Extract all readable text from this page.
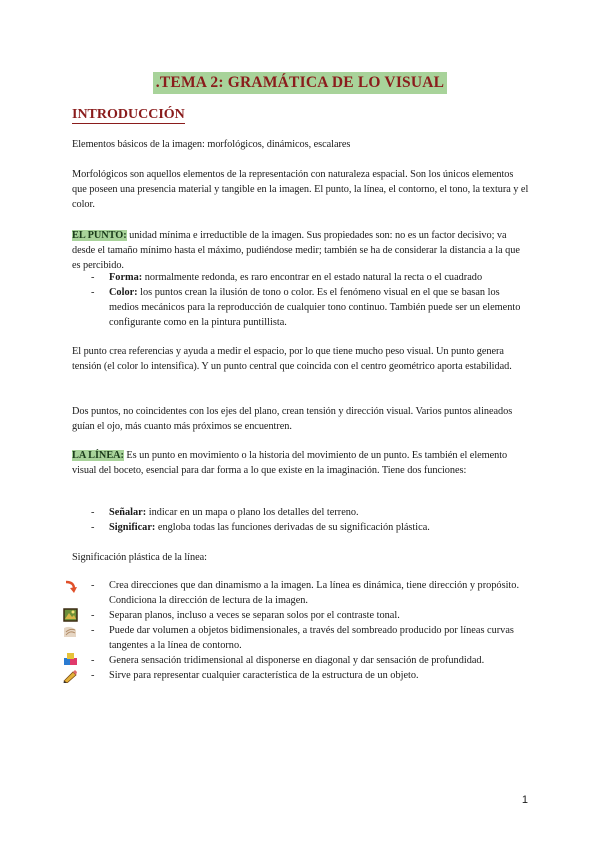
.TEMA 2: GRAMÁTICA DE LO VISUAL
INTRODUCCIÓN

Elementos básicos de la imagen: morfológicos, dinámicos, escalares

Morfológicos son aquellos elementos de la representación con naturaleza espacial. Son los únicos elementos que poseen una presencia material y tangible en la imagen. El punto, la línea, el contorno, el tono, la textura y el color.

EL PUNTO: unidad mínima e irreductible de la imagen. Sus propiedades son: no es un factor decisivo; va desde el tamaño mínimo hasta el máximo, pudiéndose medir; también se ha de considerar la distancia a la que es percibido.

- Forma: normalmente redonda, es raro encontrar en el estado natural la recta o el cuadrado
- Color: los puntos crean la ilusión de tono o color. Es el fenómeno visual en el que se basan los medios mecánicos para la reproducción de cualquier tono continuo. También puede ser un elemento configurante como en la pintura puntillista.

El punto crea referencias y ayuda a medir el espacio, por lo que tiene mucho peso visual. Un punto genera tensión (el color lo intensifica). Y un punto central que coincida con el centro geométrico aporta estabilidad.

Dos puntos, no coincidentes con los ejes del plano, crean tensión y dirección visual. Varios puntos alineados guían el ojo, más cuanto más próximos se encuentren.

LA LÍNEA: Es un punto en movimiento o la historia del movimiento de un punto. Es también el elemento visual del boceto, esencial para dar forma a lo que existe en la imaginación. Tiene dos funciones:

- Señalar: indicar en un mapa o plano los detalles del terreno.
- Significar: engloba todas las funciones derivadas de su significación plástica.

Significación plástica de la línea:

- Crea direcciones que dan dinamismo a la imagen. La línea es dinámica, tiene dirección y propósito. Condiciona la dirección de lectura de la imagen.
- Separan planos, incluso a veces se separan solos por el contraste tonal.
- Puede dar volumen a objetos bidimensionales, a través del sombreado producido por líneas curvas tangentes a la línea de contorno.
- Genera sensación tridimensional al disponerse en diagonal y dar sensación de profundidad.
- Sirve para representar cualquier característica de la estructura de un objeto.
1
